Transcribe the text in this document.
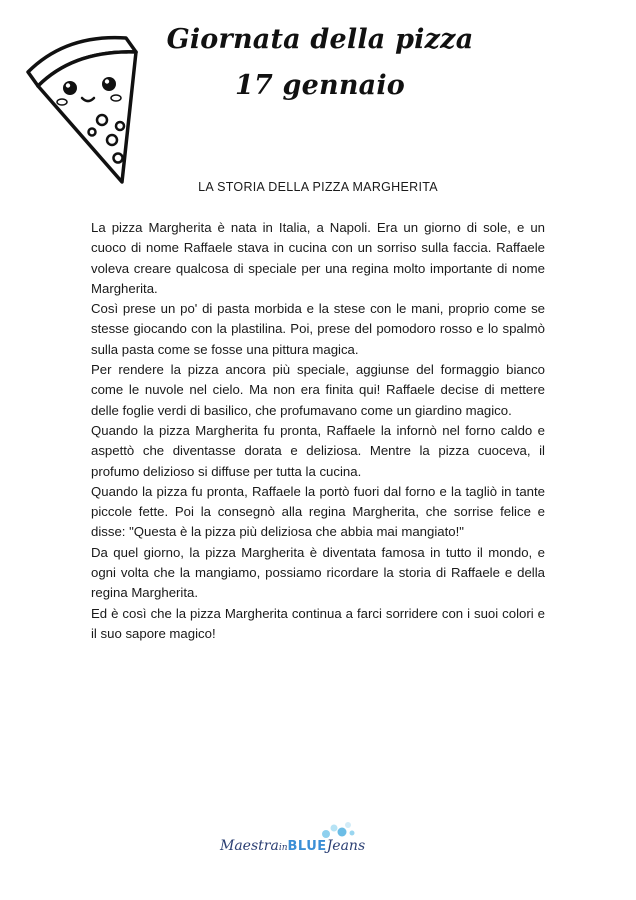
Giornata della pizza
17 gennaio
LA STORIA DELLA PIZZA MARGHERITA

La pizza Margherita è nata in Italia, a Napoli. Era un giorno di sole, e un cuoco di nome Raffaele stava in cucina con un sorriso sulla faccia. Raffaele voleva creare qualcosa di speciale per una regina molto importante di nome Margherita.

Così prese un po' di pasta morbida e la stese con le mani, proprio come se stesse giocando con la plastilina. Poi, prese del pomodoro rosso e lo spalmò sulla pasta come se fosse una pittura magica.

Per rendere la pizza ancora più speciale, aggiunse del formaggio bianco come le nuvole nel cielo. Ma non era finita qui! Raffaele decise di mettere delle foglie verdi di basilico, che profumavano come un giardino magico.

Quando la pizza Margherita fu pronta, Raffaele la infornò nel forno caldo e aspettò che diventasse dorata e deliziosa. Mentre la pizza cuoceva, il profumo delizioso si diffuse per tutta la cucina.

Quando la pizza fu pronta, Raffaele la portò fuori dal forno e la tagliò in tante piccole fette. Poi la consegnò alla regina Margherita, che sorrise felice e disse: "Questa è la pizza più deliziosa che abbia mai mangiato!"

Da quel giorno, la pizza Margherita è diventata famosa in tutto il mondo, e ogni volta che la mangiamo, possiamo ricordare la storia di Raffaele e della regina Margherita.

Ed è così che la pizza Margherita continua a farci sorridere con i suoi colori e il suo sapore magico!

MaestrainBLUEJeans
